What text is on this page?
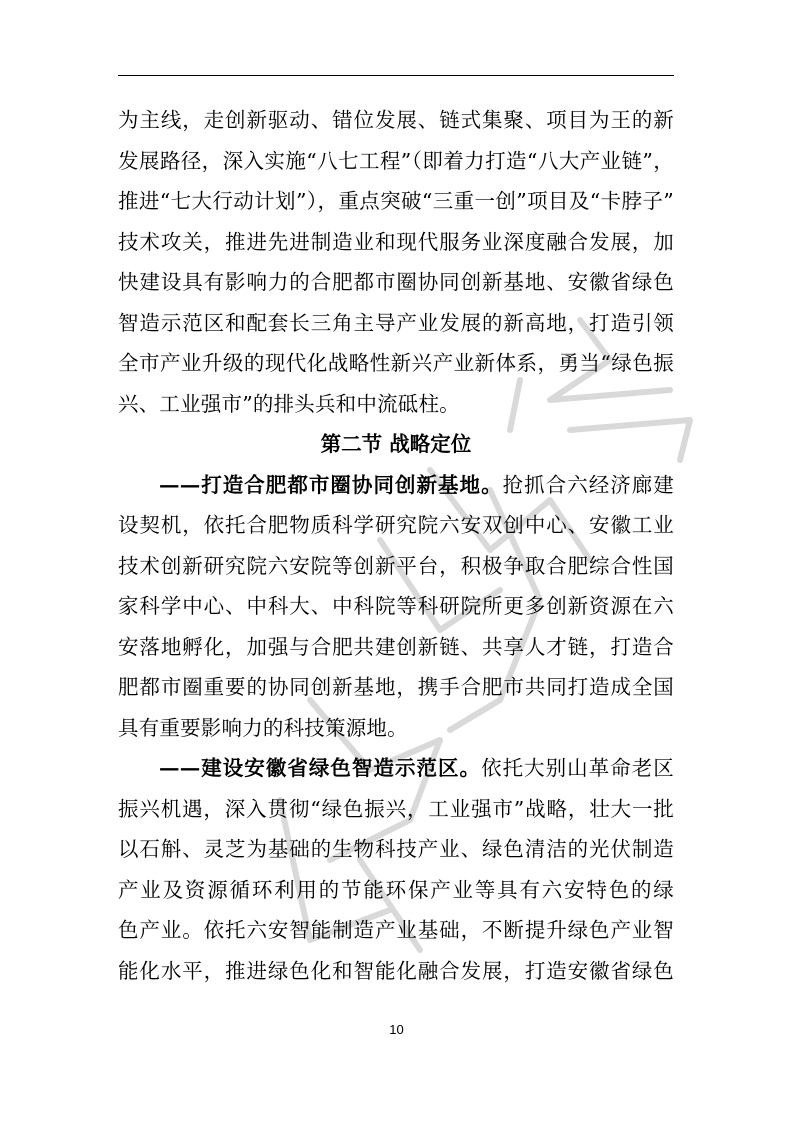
为主线，走创新驱动、错位发展、链式集聚、项目为王的新
发展路径，深入实施“八七工程”（即着力打造“八大产业链”，
推进“七大行动计划”），重点突破“三重一创”项目及“卡脖子”
技术攻关，推进先进制造业和现代服务业深度融合发展，加
快建设具有影响力的合肥都市圈协同创新基地、安徽省绿色
智造示范区和配套长三角主导产业发展的新高地，打造引领
全市产业升级的现代化战略性新兴产业新体系，勇当“绿色振
兴、工业强市”的排头兵和中流砥柱。
第二节 战略定位
——打造合肥都市圈协同创新基地。抢抓合六经济廊建
设契机，依托合肥物质科学研究院六安双创中心、安徽工业
技术创新研究院六安院等创新平台，积极争取合肥综合性国
家科学中心、中科大、中科院等科研院所更多创新资源在六
安落地孵化，加强与合肥共建创新链、共享人才链，打造合
肥都市圈重要的协同创新基地，携手合肥市共同打造成全国
具有重要影响力的科技策源地。
——建设安徽省绿色智造示范区。依托大别山革命老区
振兴机遇，深入贯彻“绿色振兴，工业强市”战略，壮大一批
以石斛、灵芝为基础的生物科技产业、绿色清洁的光伏制造
产业及资源循环利用的节能环保产业等具有六安特色的绿
色产业。依托六安智能制造产业基础，不断提升绿色产业智
能化水平，推进绿色化和智能化融合发展，打造安徽省绿色
10
